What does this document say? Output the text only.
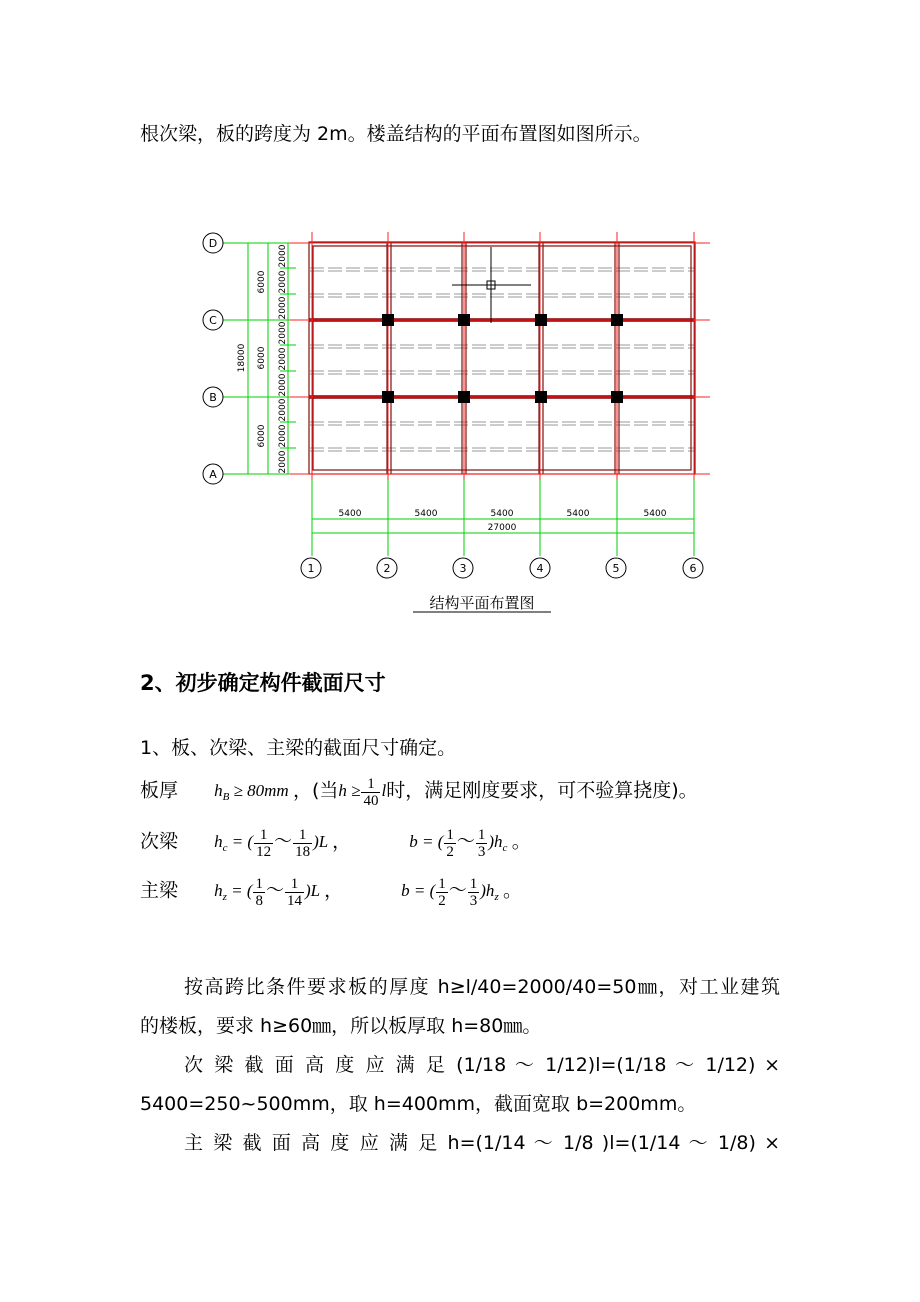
根次梁，板的跨度为 2m。楼盖结构的平面布置图如图所示。
D
C
B
A
1	2	3	4	5	6
5400	5400	5400	5400	5400
27000
18000
6000
6000
6000
2000
2000
2000
2000
2000
2000
2000
2000
2000
结构平面布置图
2、初步确定构件截面尺寸
1、板、次梁、主梁的截面尺寸确定。
板厚 $h_B \ge 80mm$ ，(当$h \ge \frac{1}{40}$ l时，满足刚度要求，可不验算挠度)。
次梁 $h_c$ = ( $\frac{1}{12}$ 〜 $\frac{1}{18} )L$ ，	b = ( $\frac{1}{2}$ 〜 $\frac{1}{3} )h_c$ 。
主梁 $h_z$ = ( $\frac{1}{8}$ 〜 $\frac{1}{14} )L$ ，	b = ( $\frac{1}{2}$ 〜 $\frac{1}{3} )h_z$ 。
按高跨比条件要求板的厚度 h≥l/40=2000/40=50㎜，对工业建筑
的楼板，要求 h≥60㎜，所以板厚取 h=80㎜。
次 梁 截 面 高 度 应 满 足 (1/18 ～ 1/12)l=(1/18 ～ 1/12) ×
5400=250~500mm，取 h=400mm，截面宽取 b=200mm。
主 梁 截 面 高 度 应 满 足 h=(1/14 ～ 1/8 )l=(1/14 ～ 1/8) ×
